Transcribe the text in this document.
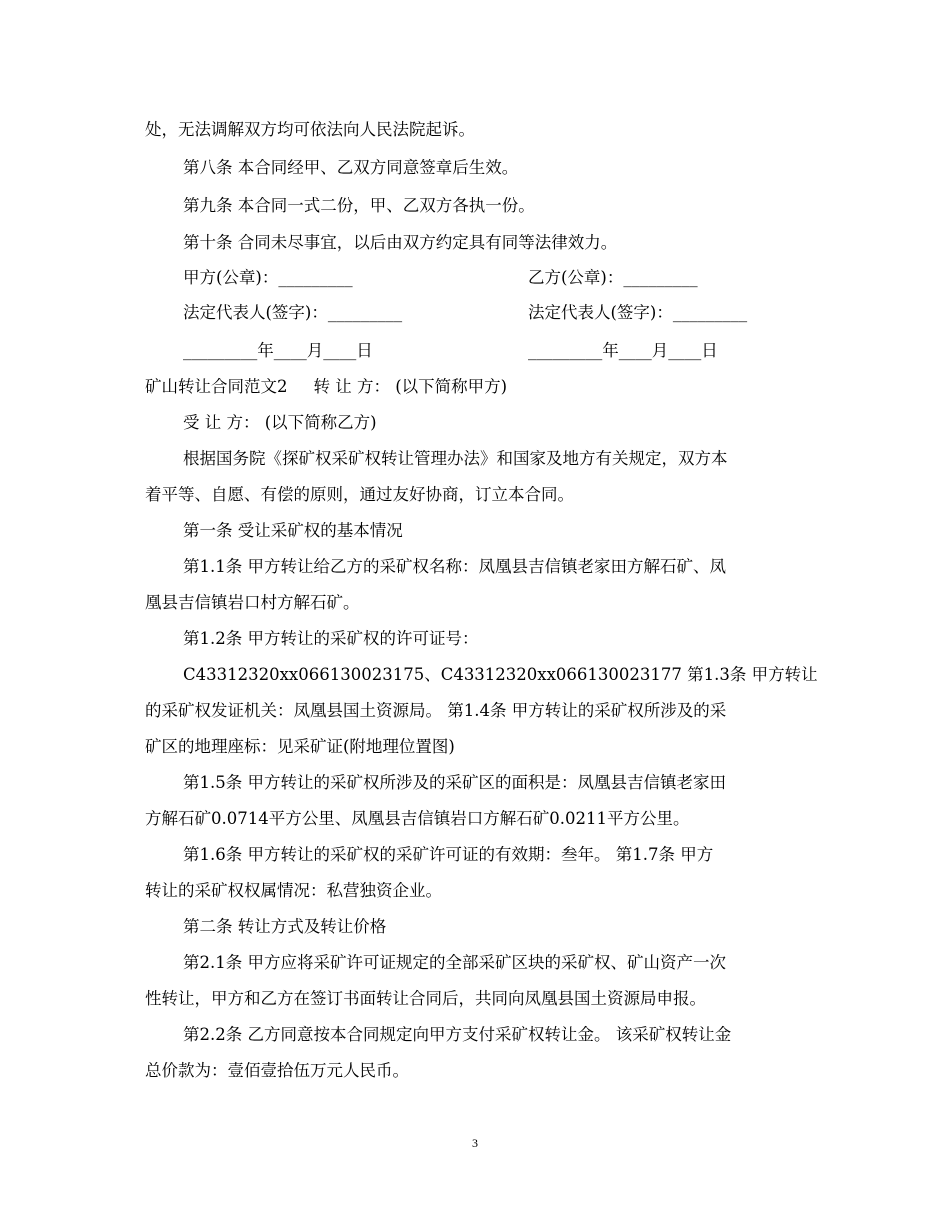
处，无法调解双方均可依法向人民法院起诉。
第八条 本合同经甲、乙双方同意签章后生效。
第九条 本合同一式二份，甲、乙双方各执一份。
第十条 合同未尽事宜，以后由双方约定具有同等法律效力。
甲方(公章)：_________	乙方(公章)：_________
法定代表人(签字)：_________	法定代表人(签字)：_________
_________年____月____日	_________年____月____日
矿山转让合同范文2 转 让 方： (以下简称甲方)
受 让 方： (以下简称乙方)
根据国务院《探矿权采矿权转让管理办法》和国家及地方有关规定，双方本
着平等、自愿、有偿的原则，通过友好协商，订立本合同。
第一条 受让采矿权的基本情况
第1.1条 甲方转让给乙方的采矿权名称：凤凰县吉信镇老家田方解石矿、凤
凰县吉信镇岩口村方解石矿。
第1.2条 甲方转让的采矿权的许可证号：
C43312320xx066130023175、C43312320xx066130023177 第1.3条 甲方转让
的采矿权发证机关：凤凰县国土资源局。 第1.4条 甲方转让的采矿权所涉及的采
矿区的地理座标：见采矿证(附地理位置图)
第1.5条 甲方转让的采矿权所涉及的采矿区的面积是：凤凰县吉信镇老家田
方解石矿0.0714平方公里、凤凰县吉信镇岩口方解石矿0.0211平方公里。
第1.6条 甲方转让的采矿权的采矿许可证的有效期：叁年。 第1.7条 甲方
转让的采矿权权属情况：私营独资企业。
第二条 转让方式及转让价格
第2.1条 甲方应将采矿许可证规定的全部采矿区块的采矿权、矿山资产一次
性转让，甲方和乙方在签订书面转让合同后，共同向凤凰县国土资源局申报。
第2.2条 乙方同意按本合同规定向甲方支付采矿权转让金。 该采矿权转让金
总价款为：壹佰壹拾伍万元人民币。
3
